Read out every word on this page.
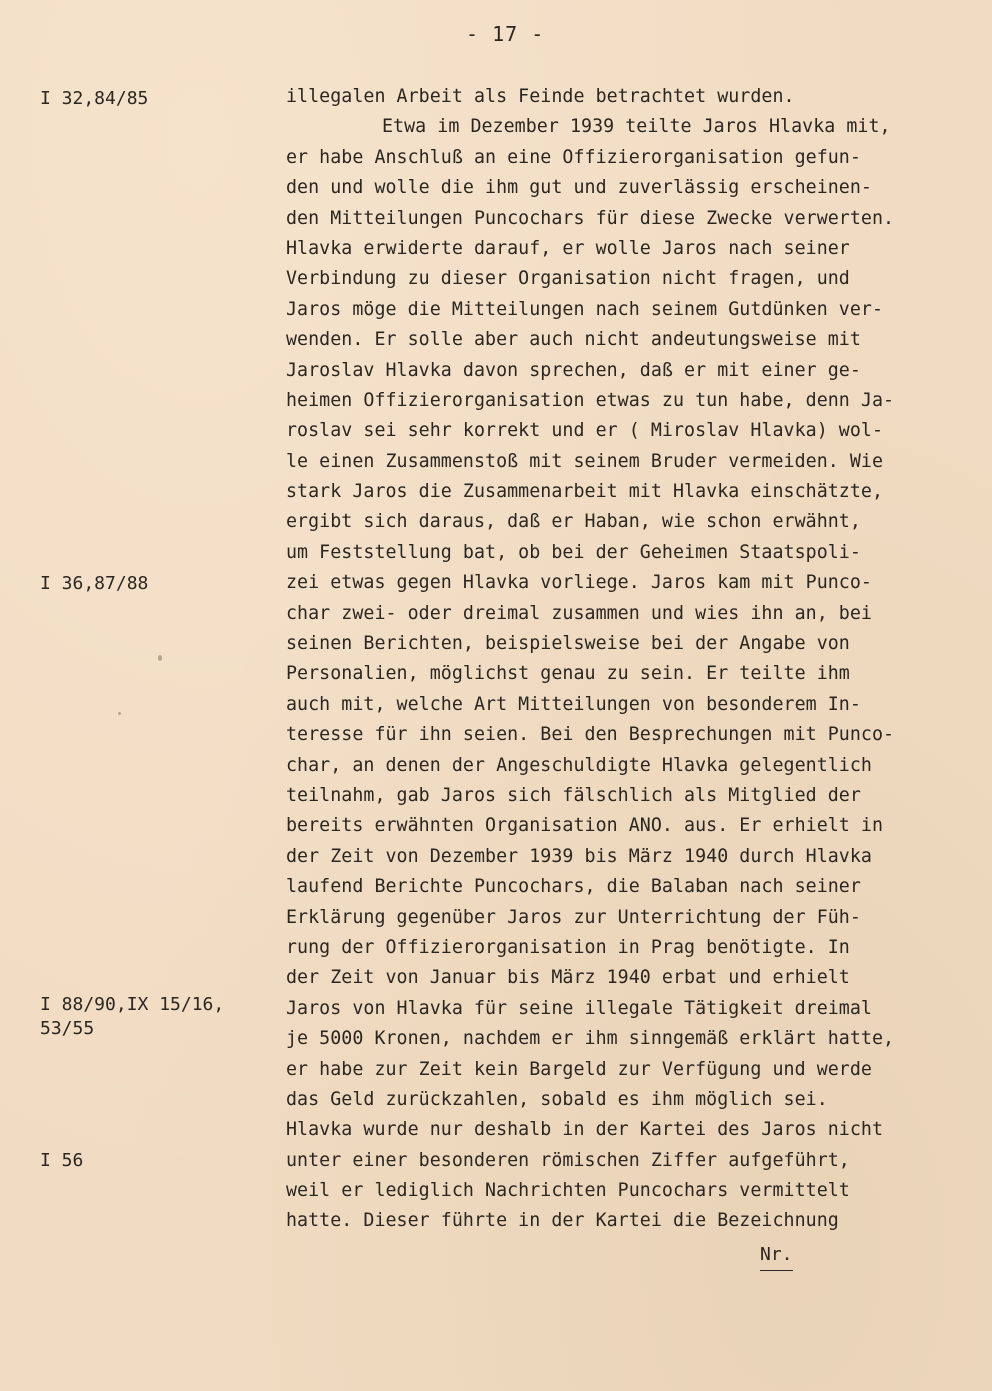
- 17 -
I 32,84/85
I 36,87/88
I 88/90,IX 15/16,
53/55
I 56
illegalen Arbeit als Feinde betrachtet wurden.
Etwa im Dezember 1939 teilte Jaros Hlavka mit,
er habe Anschluß an eine Offizierorganisation gefun-
den und wolle die ihm gut und zuverlässig erscheinen-
den Mitteilungen Puncochars für diese Zwecke verwerten.
Hlavka erwiderte darauf, er wolle Jaros nach seiner
Verbindung zu dieser Organisation nicht fragen, und
Jaros möge die Mitteilungen nach seinem Gutdünken ver-
wenden. Er solle aber auch nicht andeutungsweise mit
Jaroslav Hlavka davon sprechen, daß er mit einer ge-
heimen Offizierorganisation etwas zu tun habe, denn Ja-
roslav sei sehr korrekt und er ( Miroslav Hlavka) wol-
le einen Zusammenstoß mit seinem Bruder vermeiden. Wie
stark Jaros die Zusammenarbeit mit Hlavka einschätzte,
ergibt sich daraus, daß er Haban, wie schon erwähnt,
um Feststellung bat, ob bei der Geheimen Staatspoli-
zei etwas gegen Hlavka vorliege. Jaros kam mit Punco-
char zwei- oder dreimal zusammen und wies ihn an, bei
seinen Berichten, beispielsweise bei der Angabe von
Personalien, möglichst genau zu sein. Er teilte ihm
auch mit, welche Art Mitteilungen von besonderem In-
teresse für ihn seien. Bei den Besprechungen mit Punco-
char, an denen der Angeschuldigte Hlavka gelegentlich
teilnahm, gab Jaros sich fälschlich als Mitglied der
bereits erwähnten Organisation ANO. aus. Er erhielt in
der Zeit von Dezember 1939 bis März 1940 durch Hlavka
laufend Berichte Puncochars, die Balaban nach seiner
Erklärung gegenüber Jaros zur Unterrichtung der Füh-
rung der Offizierorganisation in Prag benötigte. In
der Zeit von Januar bis März 1940 erbat und erhielt
Jaros von Hlavka für seine illegale Tätigkeit dreimal
je 5000 Kronen, nachdem er ihm sinngemäß erklärt hatte,
er habe zur Zeit kein Bargeld zur Verfügung und werde
das Geld zurückzahlen, sobald es ihm möglich sei.
Hlavka wurde nur deshalb in der Kartei des Jaros nicht
unter einer besonderen römischen Ziffer aufgeführt,
weil er lediglich Nachrichten Puncochars vermittelt
hatte. Dieser führte in der Kartei die Bezeichnung
Nr.
